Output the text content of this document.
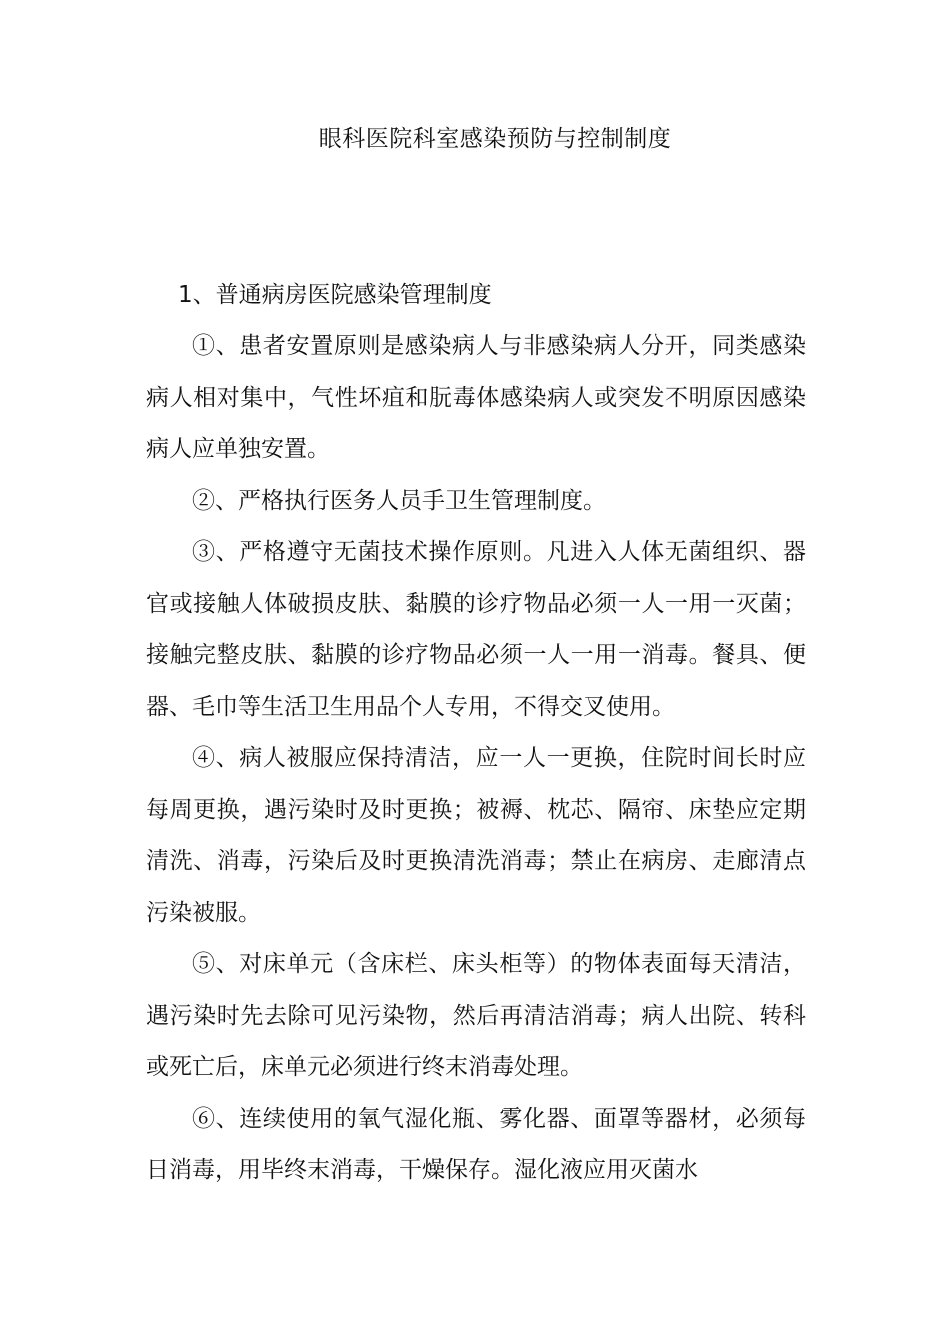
眼科医院科室感染预防与控制制度
1、普通病房医院感染管理制度

①、患者安置原则是感染病人与非感染病人分开，同类感染病人相对集中，气性坏疽和朊毒体感染病人或突发不明原因感染病人应单独安置。

②、严格执行医务人员手卫生管理制度。

③、严格遵守无菌技术操作原则。凡进入人体无菌组织、器官或接触人体破损皮肤、黏膜的诊疗物品必须一人一用一灭菌；接触完整皮肤、黏膜的诊疗物品必须一人一用一消毒。餐具、便器、毛巾等生活卫生用品个人专用，不得交叉使用。

④、病人被服应保持清洁，应一人一更换，住院时间长时应每周更换，遇污染时及时更换；被褥、枕芯、隔帘、床垫应定期清洗、消毒，污染后及时更换清洗消毒；禁止在病房、走廊清点污染被服。

⑤、对床单元（含床栏、床头柜等）的物体表面每天清洁，遇污染时先去除可见污染物，然后再清洁消毒；病人出院、转科或死亡后，床单元必须进行终末消毒处理。

⑥、连续使用的氧气湿化瓶、雾化器、面罩等器材，必须每日消毒，用毕终末消毒，干燥保存。湿化液应用灭菌水
